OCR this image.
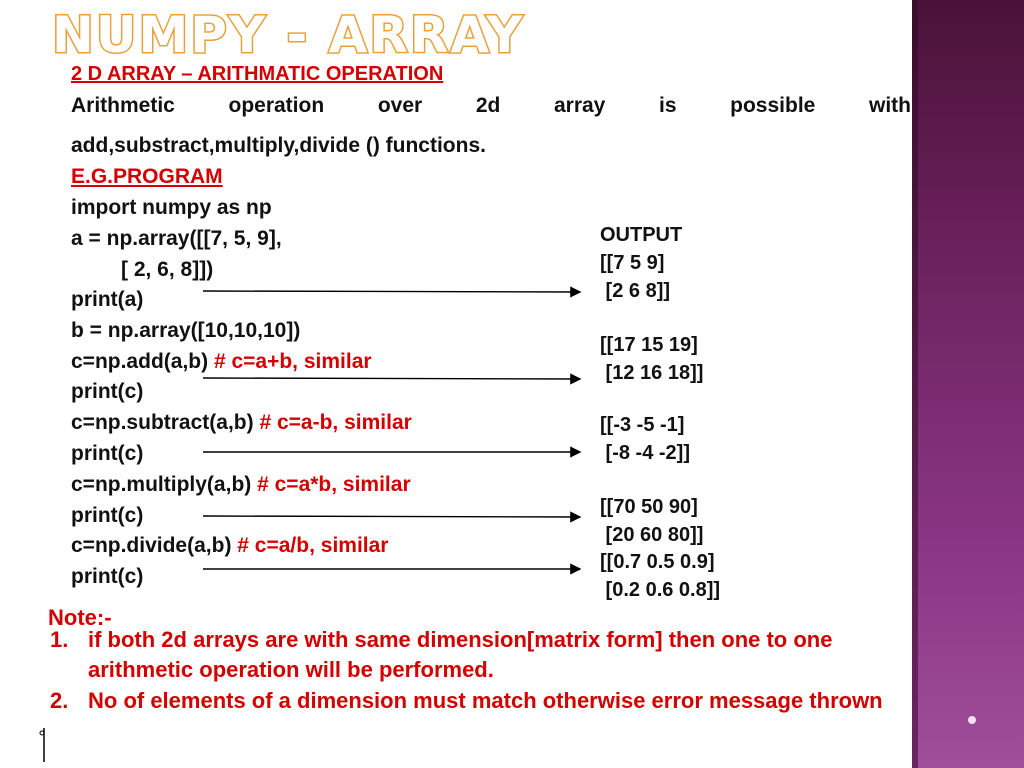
NUMPY - ARRAY
2 D ARRAY – ARITHMATIC OPERATION
Arithmetic	operation	over	2d	array	is	possible	with
add,substract,multiply,divide () functions.
E.G.PROGRAM
import numpy as np
a = np.array([[7, 5, 9],
[ 2, 6, 8]])
print(a)
b = np.array([10,10,10])
c=np.add(a,b) # c=a+b, similar
print(c)
c=np.subtract(a,b) # c=a-b, similar
print(c)
c=np.multiply(a,b) # c=a*b, similar
print(c)
c=np.divide(a,b) # c=a/b, similar
print(c)
OUTPUT
[[7 5 9]
[2 6 8]]
[[17 15 19]
[12 16 18]]
[[-3 -5 -1]
[-8 -4 -2]]
[[70 50 90]
[20 60 80]]
[[0.7 0.5 0.9]
[0.2 0.6 0.8]]
Note:-
1. if both 2d arrays are with same dimension[matrix form] then one to one
arithmetic operation will be performed.
2. No of elements of a dimension must match otherwise error message thrown
